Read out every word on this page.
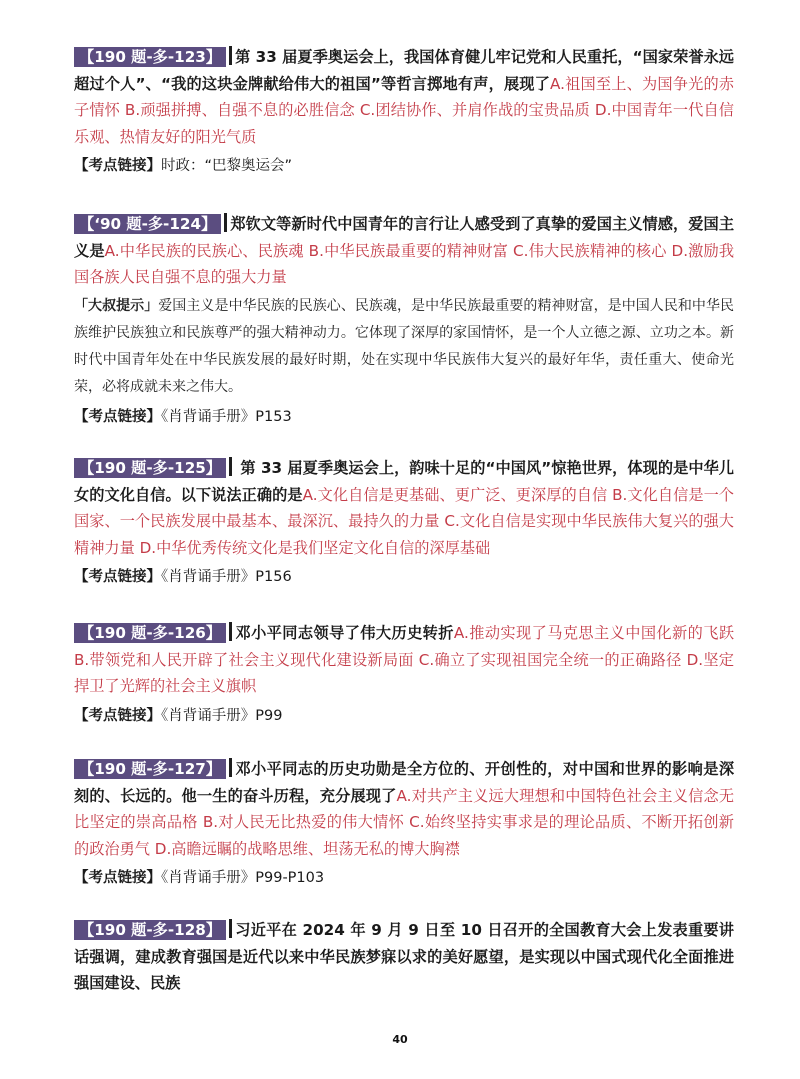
【190 题-多-123】 第 33 届夏季奥运会上，我国体育健儿牢记党和人民重托，“国家荣誉永远超过个人”、“我的这块金牌献给伟大的祖国”等哲言掷地有声，展现了A.祖国至上、为国争光的赤子情怀 B.顽强拼搏、自强不息的必胜信念 C.团结协作、并肩作战的宝贵品质 D.中国青年一代自信乐观、热情友好的阳光气质

【考点链接】时政：“巴黎奥运会”

【‘90 题-多-124】 郑钦文等新时代中国青年的言行让人感受到了真挚的爱国主义情感，爱国主义是A.中华民族的民族心、民族魂 B.中华民族最重要的精神财富 C.伟大民族精神的核心 D.激励我国各族人民自强不息的强大力量

「大叔提示」爱国主义是中华民族的民族心、民族魂，是中华民族最重要的精神财富，是中国人民和中华民族维护民族独立和民族尊严的强大精神动力。它体现了深厚的家国情怀，是一个人立德之源、立功之本。新时代中国青年处在中华民族发展的最好时期，处在实现中华民族伟大复兴的最好年华，责任重大、使命光荣，必将成就未来之伟大。

【考点链接】《肖背诵手册》P153

【190 题-多-125】 第 33 届夏季奥运会上，韵味十足的“中国风”惊艳世界，体现的是中华儿女的文化自信。以下说法正确的是A.文化自信是更基础、更广泛、更深厚的自信 B.文化自信是一个国家、一个民族发展中最基本、最深沉、最持久的力量 C.文化自信是实现中华民族伟大复兴的强大精神力量 D.中华优秀传统文化是我们坚定文化自信的深厚基础

【考点链接】《肖背诵手册》P156

【190 题-多-126】 邓小平同志领导了伟大历史转折A.推动实现了马克思主义中国化新的飞跃 B.带领党和人民开辟了社会主义现代化建设新局面 C.确立了实现祖国完全统一的正确路径 D.坚定捍卫了光辉的社会主义旗帜

【考点链接】《肖背诵手册》P99

【190 题-多-127】 邓小平同志的历史功勋是全方位的、开创性的，对中国和世界的影响是深刻的、长远的。他一生的奋斗历程，充分展现了A.对共产主义远大理想和中国特色社会主义信念无比坚定的崇高品格 B.对人民无比热爱的伟大情怀 C.始终坚持实事求是的理论品质、不断开拓创新的政治勇气 D.高瞻远瞩的战略思维、坦荡无私的博大胸襟

【考点链接】《肖背诵手册》P99-P103

【190 题-多-128】 习近平在 2024 年 9 月 9 日至 10 日召开的全国教育大会上发表重要讲话强调，建成教育强国是近代以来中华民族梦寐以求的美好愿望，是实现以中国式现代化全面推进强国建设、民族

40
